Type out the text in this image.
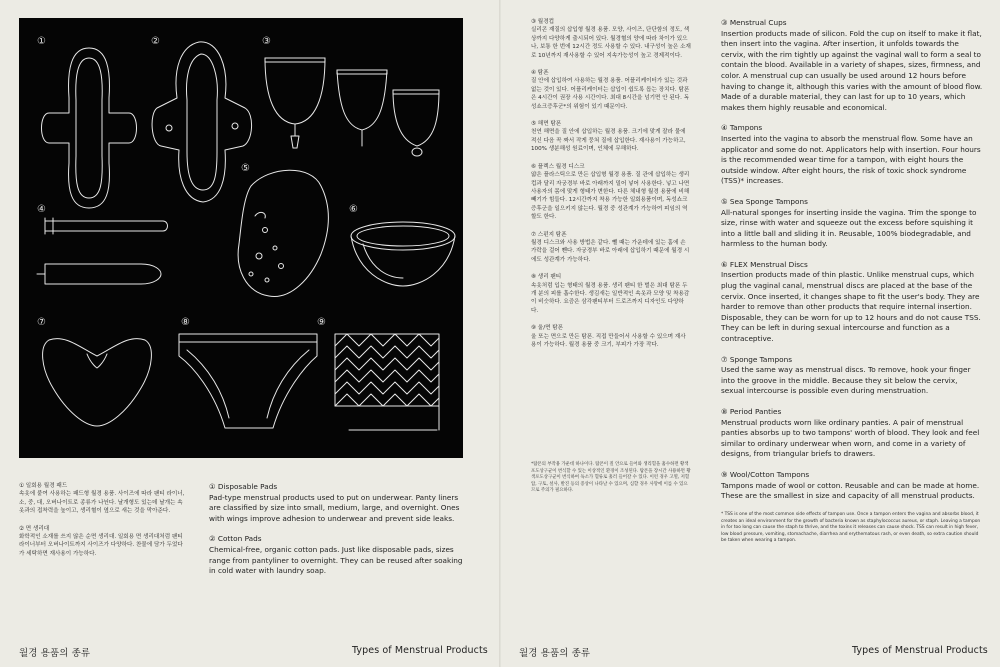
①	②	③
④
⑤
⑥
⑦	⑧	⑨
① 일회용 월경 패드

속옷에 붙여 사용하는 패드형 월경 용품. 사이즈에 따라 팬티 라이너, 소, 중, 대, 오버나이트로 종류가 나뉜다. 날개형도 있는데 날개는 속옷과의 접착력을 높이고, 생리혈이 옆으로 새는 것을 막아준다.

② 면 생리대

화학적인 소재를 쓰지 않은 순면 생리대. 일회용 면 생리대처럼 팬티 라이너부터 오버나이트까지 사이즈가 다양하다. 찬물에 담가 두었다가 세탁하면 재사용이 가능하다.

① Disposable Pads

Pad-type menstrual products used to put on underwear. Panty liners are classified by size into small, medium, large, and overnight. Ones with wings improve adhesion to underwear and prevent side leaks.

② Cotton Pads

Chemical-free, organic cotton pads. Just like disposable pads, sizes range from pantyliner to overnight. They can be reused after soaking in cold water with laundry soap.

월경 용품의 종류	Types of Menstrual Products
③ 월경컵

실리콘 재질의 삽입형 월경 용품. 모양, 사이즈, 단단함의 정도, 색상까지 다양하게 출시되어 있다. 월경혈의 양에 따라 차이가 있으나, 보통 한 번에 12시간 정도 사용할 수 있다. 내구성이 높은 소재로 10년까지 재사용할 수 있어 지속가능성이 높고 경제적이다.

④ 탐폰

질 안에 삽입하여 사용하는 월경 용품. 어플리케이터가 있는 것과 없는 것이 있다. 어플리케이터는 삽입이 쉽도록 돕는 장치다. 탐폰은 4시간이 권장 사용 시간이다. 최대 8시간을 넘기면 안 된다. 독성쇼크증후군*의 위험이 있기 때문이다.

⑤ 해면 탐폰

천연 해면을 질 안에 삽입하는 월경 용품. 크기에 맞게 잘라 물에 적신 다음 꼭 짜서 작게 뭉쳐 질에 삽입한다. 재사용이 가능하고, 100% 생분해성 원료이며, 인체에 무해하다.

⑥ 플렉스 월경 디스크

얇은 플라스틱으로 만든 삽입형 월경 용품. 질 관에 삽입하는 생리컵과 달리 자궁경부 바로 아래까지 밀어 넣어 사용한다. 넣고 나면 사용자의 몸에 맞게 형태가 변한다. 다른 체내형 월경 용품에 비해 빼기가 힘들다. 12시간까지 착용 가능한 일회용품이며, 독성쇼크증후군을 일으키지 않는다. 월경 중 성관계가 가능하여 피임의 역할도 한다.

⑦ 스펀지 탐폰

월경 디스크와 사용 방법은 같다. 뺄 때는 가운데에 있는 홈에 손가락을 걸어 뺀다. 자궁경부 바로 아래에 삽입하기 때문에 월경 시에도 성관계가 가능하다.

⑧ 생리 팬티

속옷처럼 입는 형태의 월경 용품. 생리 팬티 한 벌은 최대 탐폰 두 개 분의 피를 흡수한다. 생김새는 일반적인 속옷과 모양 및 착용감이 비슷하다. 요즘은 삼각팬티부터 드로즈까지 디자인도 다양하다.

⑨ 울/면 탐폰

울 또는 면으로 만든 탐폰. 직접 만들어서 사용할 수 있으며 재사용이 가능하다. 월경 용품 중 크기, 부피가 가장 작다.

*탐폰의 부작용 가운데 하나이다. 탐폰이 질 안으로 들어와 생리혈을 흡수하면 황색포도상구균이 번식할 수 있는 이상적인 환경이 조성된다. 탐폰을 장시간 사용하면 황색포도상구균이 번식하여 독소가 혈류로 흘러 들어갈 수 있다. 이런 경우 고열, 저혈압, 구토, 설사, 발진 등의 증상이 나타날 수 있으며, 심할 경우 사망에 이를 수 있으므로 주의가 필요하다.
③ Menstrual Cups

Insertion products made of silicon. Fold the cup on itself to make it flat, then insert into the vagina. After insertion, it unfolds towards the cervix, with the rim tightly up against the vaginal wall to form a seal to contain the blood. Available in a variety of shapes, sizes, firmness, and color. A menstrual cup can usually be used around 12 hours before having to change it, although this varies with the amount of blood flow. Made of a durable material, they can last for up to 10 years, which makes them highly reusable and economical.

④ Tampons

Inserted into the vagina to absorb the menstrual flow. Some have an applicator and some do not. Applicators help with insertion. Four hours is the recommended wear time for a tampon, with eight hours the outside window. After eight hours, the risk of toxic shock syndrome (TSS)* increases.

⑤ Sea Sponge Tampons

All-natural sponges for inserting inside the vagina. Trim the sponge to size, rinse with water and squeeze out the excess before squishing it into a little ball and sliding it in. Reusable, 100% biodegradable, and harmless to the human body.

⑥ FLEX Menstrual Discs

Insertion products made of thin plastic. Unlike menstrual cups, which plug the vaginal canal, menstrual discs are placed at the base of the cervix. Once inserted, it changes shape to fit the user's body. They are harder to remove than other products that require internal insertion. Disposable, they can be worn for up to 12 hours and do not cause TSS. They can be left in during sexual intercourse and function as a contraceptive.

⑦ Sponge Tampons

Used the same way as menstrual discs. To remove, hook your finger into the groove in the middle. Because they sit below the cervix, sexual intercourse is possible even during menstruation.

⑧ Period Panties

Menstrual products worn like ordinary panties. A pair of menstrual panties absorbs up to two tampons' worth of blood. They look and feel similar to ordinary underwear when worn, and come in a variety of designs, from triangular briefs to drawers.

⑨ Wool/Cotton Tampons

Tampons made of wool or cotton. Reusable and can be made at home. These are the smallest in size and capacity of all menstrual products.

* TSS is one of the most common side effects of tampon use. Once a tampon enters the vagina and absorbs blood, it creates an ideal environment for the growth of bacteria known as staphylococcus aureus, or staph. Leaving a tampon in for too long can cause the staph to thrive, and the toxins it releases can cause shock. TSS can result in high fever, low blood pressure, vomiting, stomachache, diarrhea and erythematous rash, or even death, so extra caution should be taken when wearing a tampon.
월경 용품의 종류	Types of Menstrual Products
